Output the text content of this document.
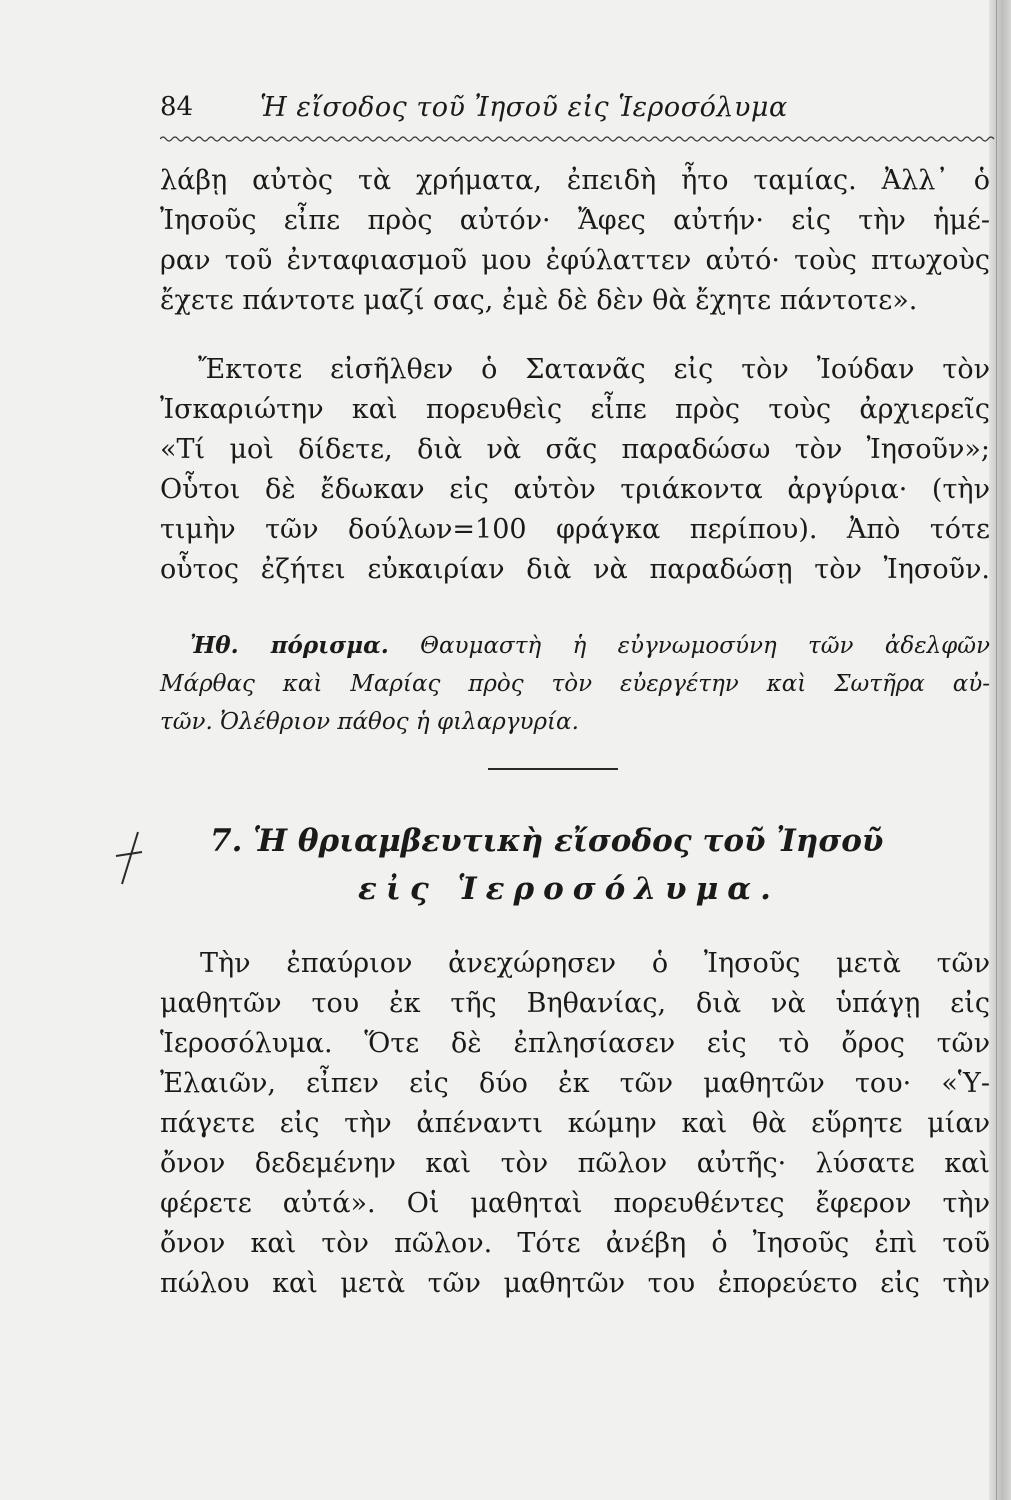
84 Ἡ εἴσοδος τοῦ Ἰησοῦ εἰς Ἱεροσόλυμα
λάβῃ αὐτὸς τὰ χρήματα, ἐπειδὴ ἦτο ταμίας. Ἀλλ᾽ ὁ
Ἰησοῦς εἶπε πρὸς αὐτόν· Ἄφες αὐτήν· εἰς τὴν ἡμέ-
ραν τοῦ ἐνταφιασμοῦ μου ἐφύλαττεν αὐτό· τοὺς πτωχοὺς
ἔχετε πάντοτε μαζί σας, ἐμὲ δὲ δὲν θὰ ἔχητε πάντοτε».
Ἔκτοτε εἰσῆλθεν ὁ Σατανᾶς εἰς τὸν Ἰούδαν τὸν
Ἰσκαριώτην καὶ πορευθεὶς εἶπε πρὸς τοὺς ἀρχιερεῖς
«Τί μοὶ δίδετε, διὰ νὰ σᾶς παραδώσω τὸν Ἰησοῦν»;
Οὗτοι δὲ ἔδωκαν εἰς αὐτὸν τριάκοντα ἀργύρια· (τὴν
τιμὴν τῶν δούλων=100 φράγκα περίπου). Ἀπὸ τότε
οὗτος ἐζήτει εὐκαιρίαν διὰ νὰ παραδώσῃ τὸν Ἰησοῦν.
Ἠθ. πόρισμα. Θαυμαστὴ ἡ εὐγνωμοσύνη τῶν ἀδελφῶν
Μάρθας καὶ Μαρίας πρὸς τὸν εὐεργέτην καὶ Σωτῆρα αὐ-
τῶν. Ὀλέθριον πάθος ἡ φιλαργυρία.
7. Ἡ θριαμβευτικὴ εἴσοδος τοῦ Ἰησοῦ
εἰς Ἱεροσόλυμα.
Τὴν ἐπαύριον ἀνεχώρησεν ὁ Ἰησοῦς μετὰ τῶν
μαθητῶν του ἐκ τῆς Βηθανίας, διὰ νὰ ὑπάγῃ εἰς
Ἱεροσόλυμα. Ὅτε δὲ ἐπλησίασεν εἰς τὸ ὄρος τῶν
Ἐλαιῶν, εἶπεν εἰς δύο ἐκ τῶν μαθητῶν του· «Ὑ-
πάγετε εἰς τὴν ἀπέναντι κώμην καὶ θὰ εὕρητε μίαν
ὄνον δεδεμένην καὶ τὸν πῶλον αὐτῆς· λύσατε καὶ
φέρετε αὐτά». Οἱ μαθηταὶ πορευθέντες ἔφερον τὴν
ὄνον καὶ τὸν πῶλον. Τότε ἀνέβη ὁ Ἰησοῦς ἐπὶ τοῦ
πώλου καὶ μετὰ τῶν μαθητῶν του ἐπορεύετο εἰς τὴν
